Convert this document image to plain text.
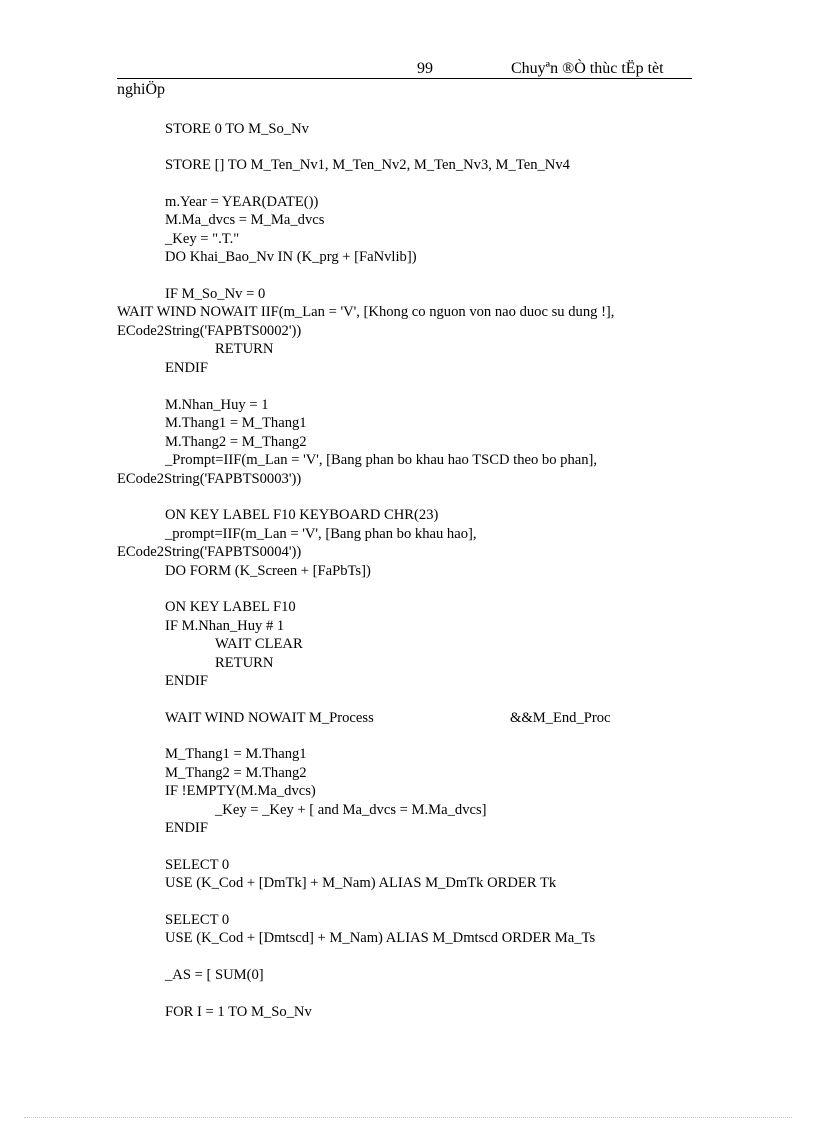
99	Chuyªn ®Ò thùc tËp tèt
nghiÖp
STORE 0 TO M_So_Nv
STORE [] TO M_Ten_Nv1, M_Ten_Nv2, M_Ten_Nv3, M_Ten_Nv4
m.Year = YEAR(DATE())
M.Ma_dvcs = M_Ma_dvcs
_Key = ".T."
DO Khai_Bao_Nv IN (K_prg + [FaNvlib])
IF M_So_Nv = 0
WAIT WIND NOWAIT IIF(m_Lan = 'V', [Khong co nguon von nao duoc su dung !],
ECode2String('FAPBTS0002'))
RETURN
ENDIF
M.Nhan_Huy = 1
M.Thang1 = M_Thang1
M.Thang2 = M_Thang2
_Prompt=IIF(m_Lan = 'V', [Bang phan bo khau hao TSCD theo bo phan],
ECode2String('FAPBTS0003'))
ON KEY LABEL F10 KEYBOARD CHR(23)
_prompt=IIF(m_Lan = 'V', [Bang phan bo khau hao],
ECode2String('FAPBTS0004'))
DO FORM (K_Screen + [FaPbTs])
ON KEY LABEL F10
IF M.Nhan_Huy # 1
WAIT CLEAR
RETURN
ENDIF
WAIT WIND NOWAIT M_Process	&&M_End_Proc
M_Thang1 = M.Thang1
M_Thang2 = M.Thang2
IF !EMPTY(M.Ma_dvcs)
_Key = _Key + [ and Ma_dvcs = M.Ma_dvcs]
ENDIF
SELECT 0
USE (K_Cod + [DmTk] + M_Nam) ALIAS M_DmTk ORDER Tk
SELECT 0
USE (K_Cod + [Dmtscd] + M_Nam) ALIAS M_Dmtscd ORDER Ma_Ts
_AS = [ SUM(0]
FOR I = 1 TO M_So_Nv
